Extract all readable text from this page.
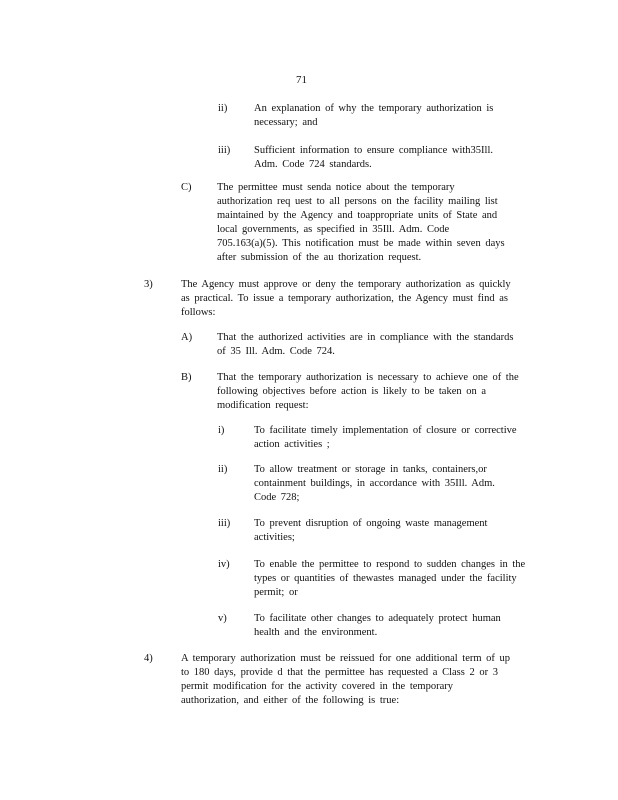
71
ii)	An explanation of why the temporary authorization is
necessary; and
iii) Sufficient information to ensure compliance with35Ill.
Adm. Code 724 standards.
C) The permittee must senda notice about the temporary
authorization req uest to all persons on the facility mailing list
maintained by the Agency and toappropriate units of State and
local governments, as specified in 35Ill. Adm. Code
705.163(a)(5). This notification must be made within seven days
after submission of the au thorization request.
3)	The Agency must approve or deny the temporary authorization as quickly
as practical. To issue a temporary authorization, the Agency must find as
follows:
A) That the authorized activities are in compliance with the standards
of 35 Ill. Adm. Code 724.
B) That the temporary authorization is necessary to achieve one of the
following objectives before action is likely to be taken on a
modification request:
i)	To facilitate timely implementation of closure or corrective
action activities ;
ii)	To allow treatment or storage in tanks, containers,or
containment buildings, in accordance with 35Ill. Adm.
Code 728;
iii) To prevent disruption of ongoing waste management
activities;
iv) To enable the permittee to respond to sudden changes in the
types or quantities of thewastes managed under the facility
permit; or
v)	To facilitate other changes to adequately protect human
health and the environment.
4)	A temporary authorization must be reissued for one additional term of up
to 180 days, provide d that the permittee has requested a Class 2 or 3
permit modification for the activity covered in the temporary
authorization, and either of the following is true:
